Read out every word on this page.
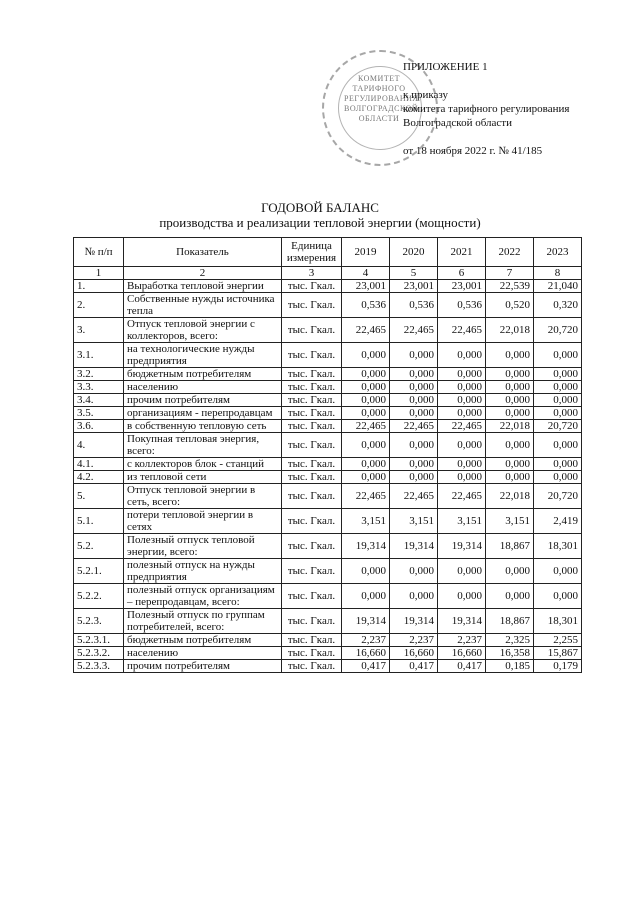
КОМИТЕТ
ТАРИФНОГО
РЕГУЛИРОВАНИЯ
ВОЛГОГРАДСКОЙ
ОБЛАСТИ
ПРИЛОЖЕНИЕ 1
к приказу
комитета тарифного регулирования
Волгоградской области
от 18 ноября 2022 г. № 41/185
ГОДОВОЙ БАЛАНС
производства и реализации тепловой энергии (мощности)
№ п/п	Показатель	Единица измерения	2019	2020	2021	2022	2023
1	2	3	4	5	6	7	8
1.	Выработка тепловой энергии	тыс. Гкал.	23,001	23,001	23,001	22,539	21,040
2.	Собственные нужды источника тепла	тыс. Гкал.	0,536	0,536	0,536	0,520	0,320
3.	Отпуск тепловой энергии с коллекторов, всего:	тыс. Гкал.	22,465	22,465	22,465	22,018	20,720
3.1.	на технологические нужды предприятия	тыс. Гкал.	0,000	0,000	0,000	0,000	0,000
3.2.	бюджетным потребителям	тыс. Гкал.	0,000	0,000	0,000	0,000	0,000
3.3.	населению	тыс. Гкал.	0,000	0,000	0,000	0,000	0,000
3.4.	прочим потребителям	тыс. Гкал.	0,000	0,000	0,000	0,000	0,000
3.5.	организациям - перепродавцам	тыс. Гкал.	0,000	0,000	0,000	0,000	0,000
3.6.	в собственную тепловую сеть	тыс. Гкал.	22,465	22,465	22,465	22,018	20,720
4.	Покупная тепловая энергия, всего:	тыс. Гкал.	0,000	0,000	0,000	0,000	0,000
4.1.	с коллекторов блок - станций	тыс. Гкал.	0,000	0,000	0,000	0,000	0,000
4.2.	из тепловой сети	тыс. Гкал.	0,000	0,000	0,000	0,000	0,000
5.	Отпуск тепловой энергии в сеть, всего:	тыс. Гкал.	22,465	22,465	22,465	22,018	20,720
5.1.	потери тепловой энергии в сетях	тыс. Гкал.	3,151	3,151	3,151	3,151	2,419
5.2.	Полезный отпуск тепловой энергии, всего:	тыс. Гкал.	19,314	19,314	19,314	18,867	18,301
5.2.1.	полезный отпуск на нужды предприятия	тыс. Гкал.	0,000	0,000	0,000	0,000	0,000
5.2.2.	полезный отпуск организациям – перепродавцам, всего:	тыс. Гкал.	0,000	0,000	0,000	0,000	0,000
5.2.3.	Полезный отпуск по группам потребителей, всего:	тыс. Гкал.	19,314	19,314	19,314	18,867	18,301
5.2.3.1.	бюджетным потребителям	тыс. Гкал.	2,237	2,237	2,237	2,325	2,255
5.2.3.2.	населению	тыс. Гкал.	16,660	16,660	16,660	16,358	15,867
5.2.3.3.	прочим потребителям	тыс. Гкал.	0,417	0,417	0,417	0,185	0,179
